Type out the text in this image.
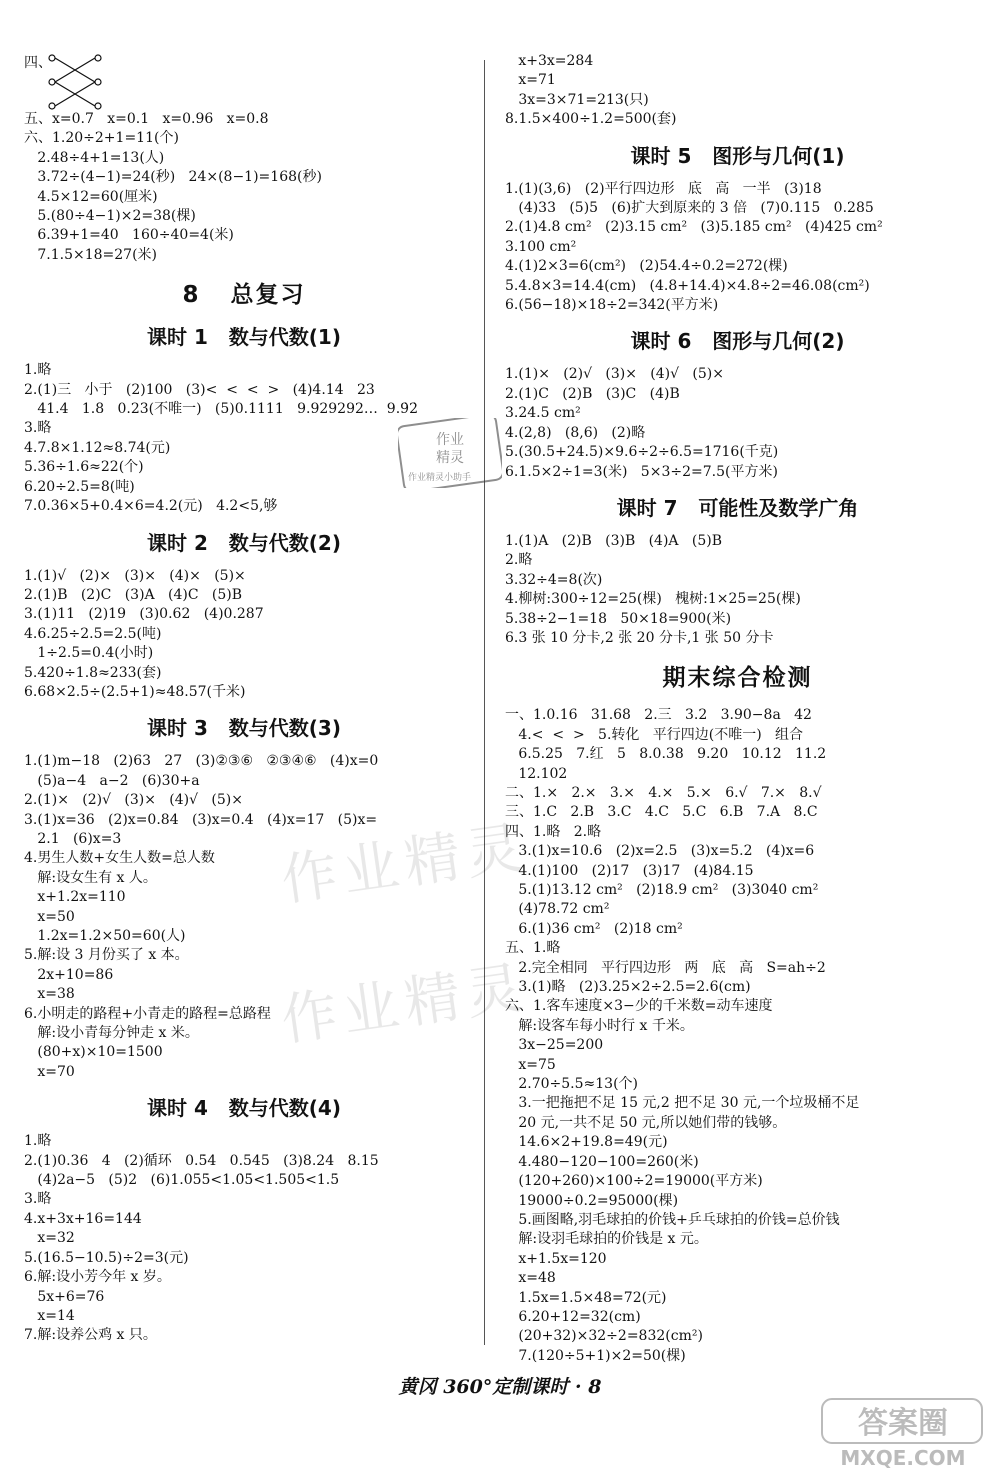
四、

五、x=0.7   x=0.1   x=0.96   x=0.8

六、1.20÷2+1=11(个)

2.48÷4+1=13(人)

3.72÷(4−1)=24(秒)   24×(8−1)=168(秒)

4.5×12=60(厘米)

5.(80÷4−1)×2=38(棵)

6.39+1=40   160÷40=4(米)

7.1.5×18=27(米)

8   总复习
课时 1   数与代数(1)

1.略

2.(1)三   小于   (2)100   (3)<  <  <  >   (4)4.14   23

41.4   1.8   0.23(不唯一)   (5)0.1111   9.929292…  9.9̇2̇

3.略

4.7.8×1.12≈8.74(元)

5.36÷1.6≈22(个)

6.20÷2.5=8(吨)

7.0.36×5+0.4×6=4.2(元)   4.2<5,够

课时 2   数与代数(2)

1.(1)√   (2)×   (3)×   (4)×   (5)×

2.(1)B   (2)C   (3)A   (4)C   (5)B

3.(1)11   (2)19   (3)0.62   (4)0.287

4.6.25÷2.5=2.5(吨)

1÷2.5=0.4(小时)

5.420÷1.8≈233(套)

6.68×2.5÷(2.5+1)≈48.57(千米)

课时 3   数与代数(3)

1.(1)m−18   (2)63   27   (3)②③⑥   ②③④⑥   (4)x=0

(5)a−4   a−2   (6)30+a

2.(1)×   (2)√   (3)×   (4)√   (5)×

3.(1)x=36   (2)x=0.84   (3)x=0.4   (4)x=17   (5)x=

2.1   (6)x=3

4.男生人数+女生人数=总人数

解:设女生有 x 人。

x+1.2x=110

x=50

1.2x=1.2×50=60(人)

5.解:设 3 月份买了 x 本。

2x+10=86

x=38

6.小明走的路程+小青走的路程=总路程

解:设小青每分钟走 x 米。

(80+x)×10=1500

x=70

课时 4   数与代数(4)

1.略

2.(1)0.36   4   (2)循环   0.5̇4̇   0.545   (3)8.24   8.15

(4)2a−5   (5)2   (6)1.05̇5̇<1.0̇5̇<1.505<1.5̇

3.略

4.x+3x+16=144

x=32

5.(16.5−10.5)÷2=3(元)

6.解:设小芳今年 x 岁。

5x+6=76

x=14

7.解:设养公鸡 x 只。

x+3x=284

x=71

3x=3×71=213(只)

8.1.5×400÷1.2=500(套)

课时 5   图形与几何(1)

1.(1)(3,6)   (2)平行四边形   底   高   一半   (3)18

(4)33   (5)5   (6)扩大到原来的 3 倍   (7)0.115   0.285

2.(1)4.8 cm²   (2)3.15 cm²   (3)5.185 cm²   (4)425 cm²

3.100 cm²

4.(1)2×3=6(cm²)   (2)54.4÷0.2=272(棵)

5.4.8×3=14.4(cm)   (4.8+14.4)×4.8÷2=46.08(cm²)

6.(56−18)×18÷2=342(平方米)

课时 6   图形与几何(2)

1.(1)×   (2)√   (3)×   (4)√   (5)×

2.(1)C   (2)B   (3)C   (4)B

3.24.5 cm²

4.(2,8)   (8,6)   (2)略

5.(30.5+24.5)×9.6÷2÷6.5=1716(千克)

6.1.5×2÷1=3(米)   5×3÷2=7.5(平方米)

课时 7   可能性及数学广角

1.(1)A   (2)B   (3)B   (4)A   (5)B

2.略

3.32÷4=8(次)

4.柳树:300÷12=25(棵)   槐树:1×25=25(棵)

5.38÷2−1=18   50×18=900(米)

6.3 张 10 分卡,2 张 20 分卡,1 张 50 分卡

期末综合检测

一、1.0.16   31.68   2.三   3.2   3.90−8a   42

4.<  <  >   5.转化   平行四边(不唯一)   组合

6.5.25   7.红   5   8.0.38   9.20   10.12   11.2

12.102

二、1.×   2.×   3.×   4.×   5.×   6.√   7.×   8.√

三、1.C   2.B   3.C   4.C   5.C   6.B   7.A   8.C

四、1.略   2.略

3.(1)x=10.6   (2)x=2.5   (3)x=5.2   (4)x=6

4.(1)100   (2)17   (3)17   (4)84.15

5.(1)13.12 cm²   (2)18.9 cm²   (3)3040 cm²

(4)78.72 cm²

6.(1)36 cm²   (2)18 cm²

五、1.略

2.完全相同   平行四边形   两   底   高   S=ah÷2

3.(1)略   (2)3.25×2÷2.5=2.6(cm)

六、1.客车速度×3−少的千米数=动车速度

解:设客车每小时行 x 千米。

3x−25=200

x=75

2.70÷5.5≈13(个)

3.一把拖把不足 15 元,2 把不足 30 元,一个垃圾桶不足

20 元,一共不足 50 元,所以她们带的钱够。

14.6×2+19.8=49(元)

4.480−120−100=260(米)

(120+260)×100÷2=19000(平方米)

19000÷0.2=95000(棵)

5.画图略,羽毛球拍的价钱+乒乓球拍的价钱=总价钱

解:设羽毛球拍的价钱是 x 元。

x+1.5x=120

x=48

1.5x=1.5×48=72(元)

6.20+12=32(cm)

(20+32)×32÷2=832(cm²)

7.(120÷5+1)×2=50(棵)

作业
精灵
作业精灵小助手
作业精灵
作业精灵
黄冈 360°定制课时 · 8
答案圈
MXQE.COM
